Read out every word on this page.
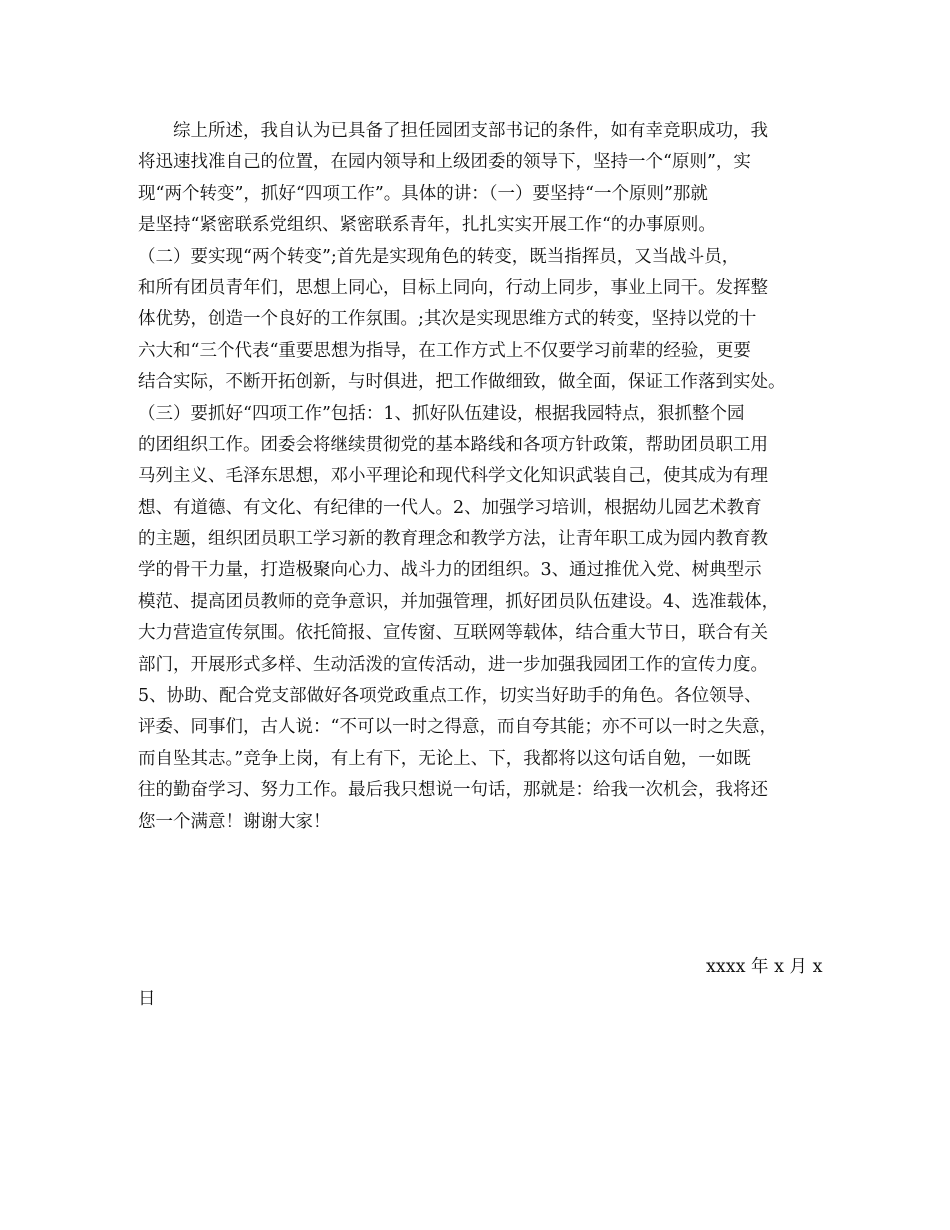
综上所述，我自认为已具备了担任园团支部书记的条件，如有幸竞职成功，我
将迅速找准自己的位置，在园内领导和上级团委的领导下，坚持一个“原则”，实
现“两个转变”，抓好“四项工作”。具体的讲：（一）要坚持“一个原则”那就
是坚持“紧密联系党组织、紧密联系青年，扎扎实实开展工作“的办事原则。
（二）要实现“两个转变”;首先是实现角色的转变，既当指挥员，又当战斗员，
和所有团员青年们，思想上同心，目标上同向，行动上同步，事业上同干。发挥整
体优势，创造一个良好的工作氛围。;其次是实现思维方式的转变，坚持以党的十
六大和“三个代表“重要思想为指导，在工作方式上不仅要学习前辈的经验，更要
结合实际，不断开拓创新，与时俱进，把工作做细致，做全面，保证工作落到实处。
（三）要抓好“四项工作”包括：1、抓好队伍建设，根据我园特点，狠抓整个园
的团组织工作。团委会将继续贯彻党的基本路线和各项方针政策，帮助团员职工用
马列主义、毛泽东思想，邓小平理论和现代科学文化知识武装自己，使其成为有理
想、有道德、有文化、有纪律的一代人。2、加强学习培训，根据幼儿园艺术教育
的主题，组织团员职工学习新的教育理念和教学方法，让青年职工成为园内教育教
学的骨干力量，打造极聚向心力、战斗力的团组织。3、通过推优入党、树典型示
模范、提高团员教师的竞争意识，并加强管理，抓好团员队伍建设。4、选准载体，
大力营造宣传氛围。依托简报、宣传窗、互联网等载体，结合重大节日，联合有关
部门，开展形式多样、生动活泼的宣传活动，进一步加强我园团工作的宣传力度。
5、协助、配合党支部做好各项党政重点工作，切实当好助手的角色。各位领导、
评委、同事们，古人说：“不可以一时之得意，而自夸其能；亦不可以一时之失意，
而自坠其志。”竞争上岗，有上有下，无论上、下，我都将以这句话自勉，一如既
往的勤奋学习、努力工作。最后我只想说一句话，那就是：给我一次机会，我将还
您一个满意！谢谢大家！
xxxx 年 x 月 x
日
